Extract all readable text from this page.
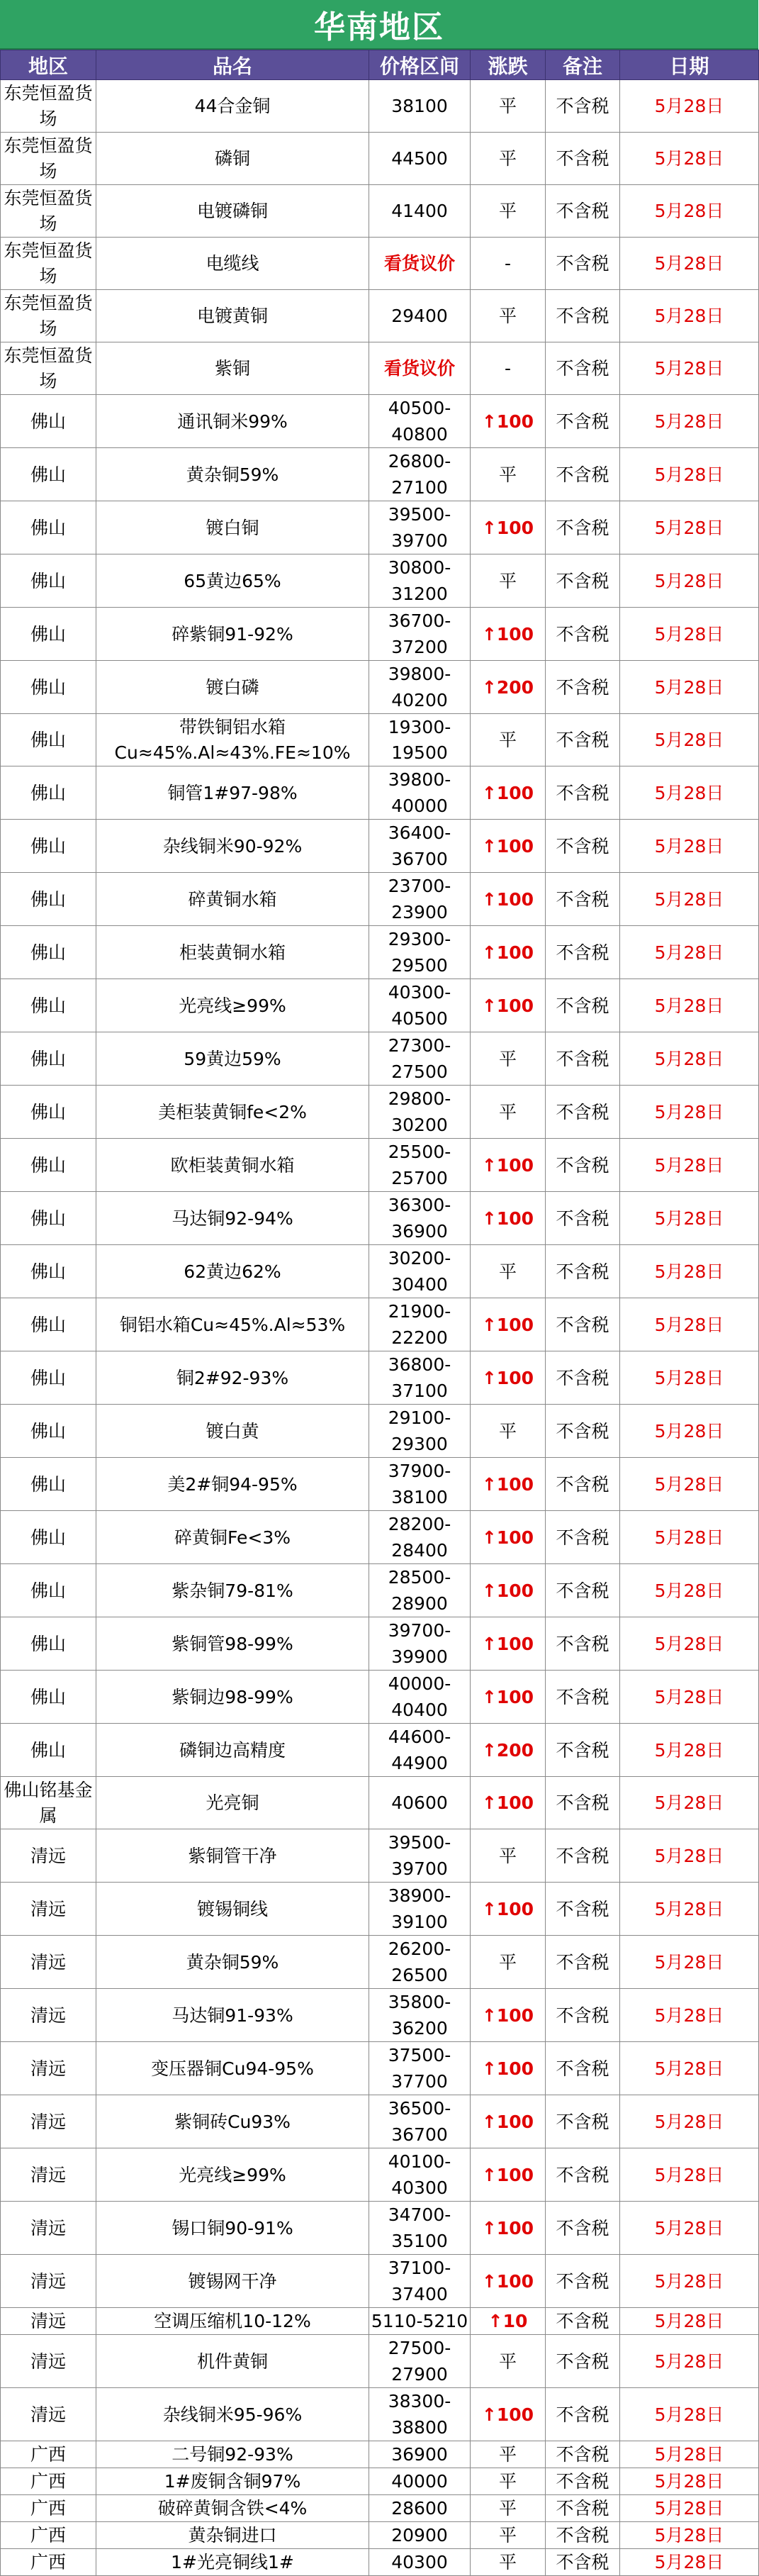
华南地区
地区	品名	价格区间	涨跌	备注	日期
东莞恒盈货场	44合金铜	38100	平	不含税	5月28日
东莞恒盈货场	磷铜	44500	平	不含税	5月28日
东莞恒盈货场	电镀磷铜	41400	平	不含税	5月28日
东莞恒盈货场	电缆线	看货议价	-	不含税	5月28日
东莞恒盈货场	电镀黄铜	29400	平	不含税	5月28日
东莞恒盈货场	紫铜	看货议价	-	不含税	5月28日
佛山	通讯铜米99%	40500-40800	↑100	不含税	5月28日
佛山	黄杂铜59%	26800-27100	平	不含税	5月28日
佛山	镀白铜	39500-39700	↑100	不含税	5月28日
佛山	65黄边65%	30800-31200	平	不含税	5月28日
佛山	碎紫铜91-92%	36700-37200	↑100	不含税	5月28日
佛山	镀白磷	39800-40200	↑200	不含税	5月28日
佛山	带铁铜铝水箱Cu≈45%.Al≈43%.FE≈10%	19300-19500	平	不含税	5月28日
佛山	铜管1#97-98%	39800-40000	↑100	不含税	5月28日
佛山	杂线铜米90-92%	36400-36700	↑100	不含税	5月28日
佛山	碎黄铜水箱	23700-23900	↑100	不含税	5月28日
佛山	柜装黄铜水箱	29300-29500	↑100	不含税	5月28日
佛山	光亮线≥99%	40300-40500	↑100	不含税	5月28日
佛山	59黄边59%	27300-27500	平	不含税	5月28日
佛山	美柜装黄铜fe<2%	29800-30200	平	不含税	5月28日
佛山	欧柜装黄铜水箱	25500-25700	↑100	不含税	5月28日
佛山	马达铜92-94%	36300-36900	↑100	不含税	5月28日
佛山	62黄边62%	30200-30400	平	不含税	5月28日
佛山	铜铝水箱Cu≈45%.Al≈53%	21900-22200	↑100	不含税	5月28日
佛山	铜2#92-93%	36800-37100	↑100	不含税	5月28日
佛山	镀白黄	29100-29300	平	不含税	5月28日
佛山	美2#铜94-95%	37900-38100	↑100	不含税	5月28日
佛山	碎黄铜Fe<3%	28200-28400	↑100	不含税	5月28日
佛山	紫杂铜79-81%	28500-28900	↑100	不含税	5月28日
佛山	紫铜管98-99%	39700-39900	↑100	不含税	5月28日
佛山	紫铜边98-99%	40000-40400	↑100	不含税	5月28日
佛山	磷铜边高精度	44600-44900	↑200	不含税	5月28日
佛山铭基金属	光亮铜	40600	↑100	不含税	5月28日
清远	紫铜管干净	39500-39700	平	不含税	5月28日
清远	镀锡铜线	38900-39100	↑100	不含税	5月28日
清远	黄杂铜59%	26200-26500	平	不含税	5月28日
清远	马达铜91-93%	35800-36200	↑100	不含税	5月28日
清远	变压器铜Cu94-95%	37500-37700	↑100	不含税	5月28日
清远	紫铜砖Cu93%	36500-36700	↑100	不含税	5月28日
清远	光亮线≥99%	40100-40300	↑100	不含税	5月28日
清远	锡口铜90-91%	34700-35100	↑100	不含税	5月28日
清远	镀锡网干净	37100-37400	↑100	不含税	5月28日
清远	空调压缩机10-12%	5110-5210	↑10	不含税	5月28日
清远	机件黄铜	27500-27900	平	不含税	5月28日
清远	杂线铜米95-96%	38300-38800	↑100	不含税	5月28日
广西	二号铜92-93%	36900	平	不含税	5月28日
广西	1#废铜含铜97%	40000	平	不含税	5月28日
广西	破碎黄铜含铁<4%	28600	平	不含税	5月28日
广西	黄杂铜进口	20900	平	不含税	5月28日
广西	1#光亮铜线1#	40300	平	不含税	5月28日
